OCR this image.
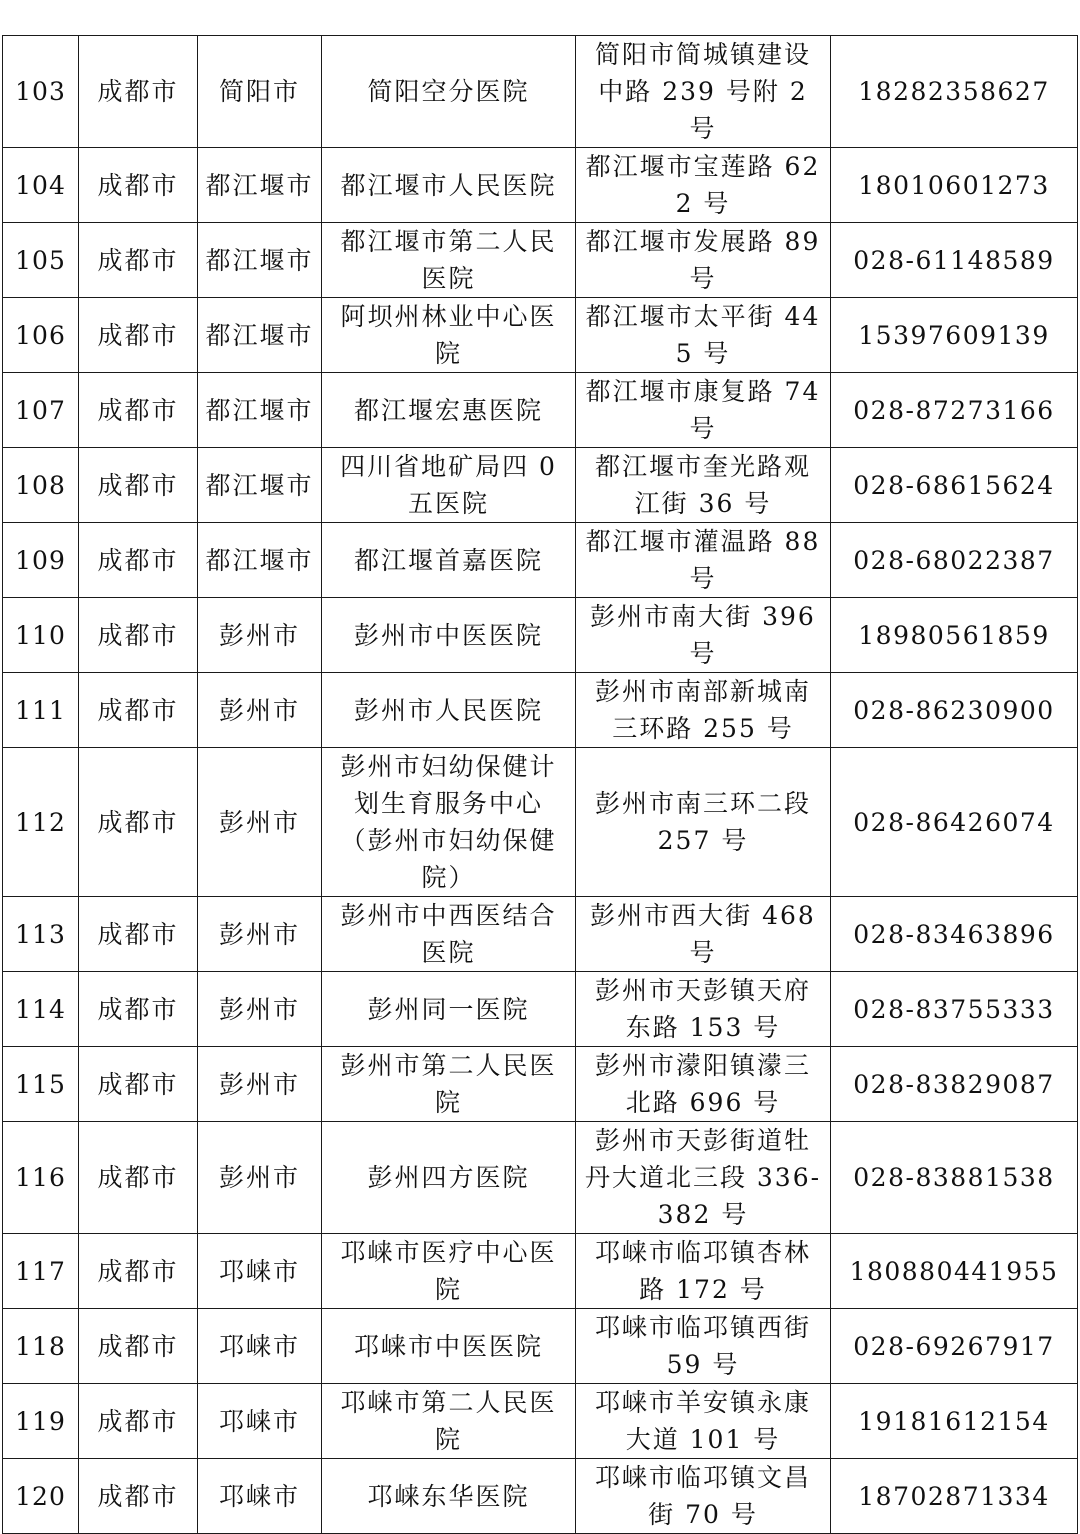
103	成都市	简阳市	简阳空分医院	简阳市简城镇建设中路 239 号附 2 号	18282358627
104	成都市	都江堰市	都江堰市人民医院	都江堰市宝莲路 622 号	18010601273
105	成都市	都江堰市	都江堰市第二人民医院	都江堰市发展路 89 号	028-61148589
106	成都市	都江堰市	阿坝州林业中心医院	都江堰市太平街 445 号	15397609139
107	成都市	都江堰市	都江堰宏惠医院	都江堰市康复路 74 号	028-87273166
108	成都市	都江堰市	四川省地矿局四 0 五医院	都江堰市奎光路观江街 36 号	028-68615624
109	成都市	都江堰市	都江堰首嘉医院	都江堰市灌温路 88 号	028-68022387
110	成都市	彭州市	彭州市中医医院	彭州市南大街 396 号	18980561859
111	成都市	彭州市	彭州市人民医院	彭州市南部新城南三环路 255 号	028-86230900
112	成都市	彭州市	彭州市妇幼保健计划生育服务中心（彭州市妇幼保健院）	彭州市南三环二段 257 号	028-86426074
113	成都市	彭州市	彭州市中西医结合医院	彭州市西大街 468 号	028-83463896
114	成都市	彭州市	彭州同一医院	彭州市天彭镇天府东路 153 号	028-83755333
115	成都市	彭州市	彭州市第二人民医院	彭州市濛阳镇濛三北路 696 号	028-83829087
116	成都市	彭州市	彭州四方医院	彭州市天彭街道牡丹大道北三段 336-382 号	028-83881538
117	成都市	邛崃市	邛崃市医疗中心医院	邛崃市临邛镇杏林路 172 号	180880441955
118	成都市	邛崃市	邛崃市中医医院	邛崃市临邛镇西街 59 号	028-69267917
119	成都市	邛崃市	邛崃市第二人民医院	邛崃市羊安镇永康大道 101 号	19181612154
120	成都市	邛崃市	邛崃东华医院	邛崃市临邛镇文昌街 70 号	18702871334
